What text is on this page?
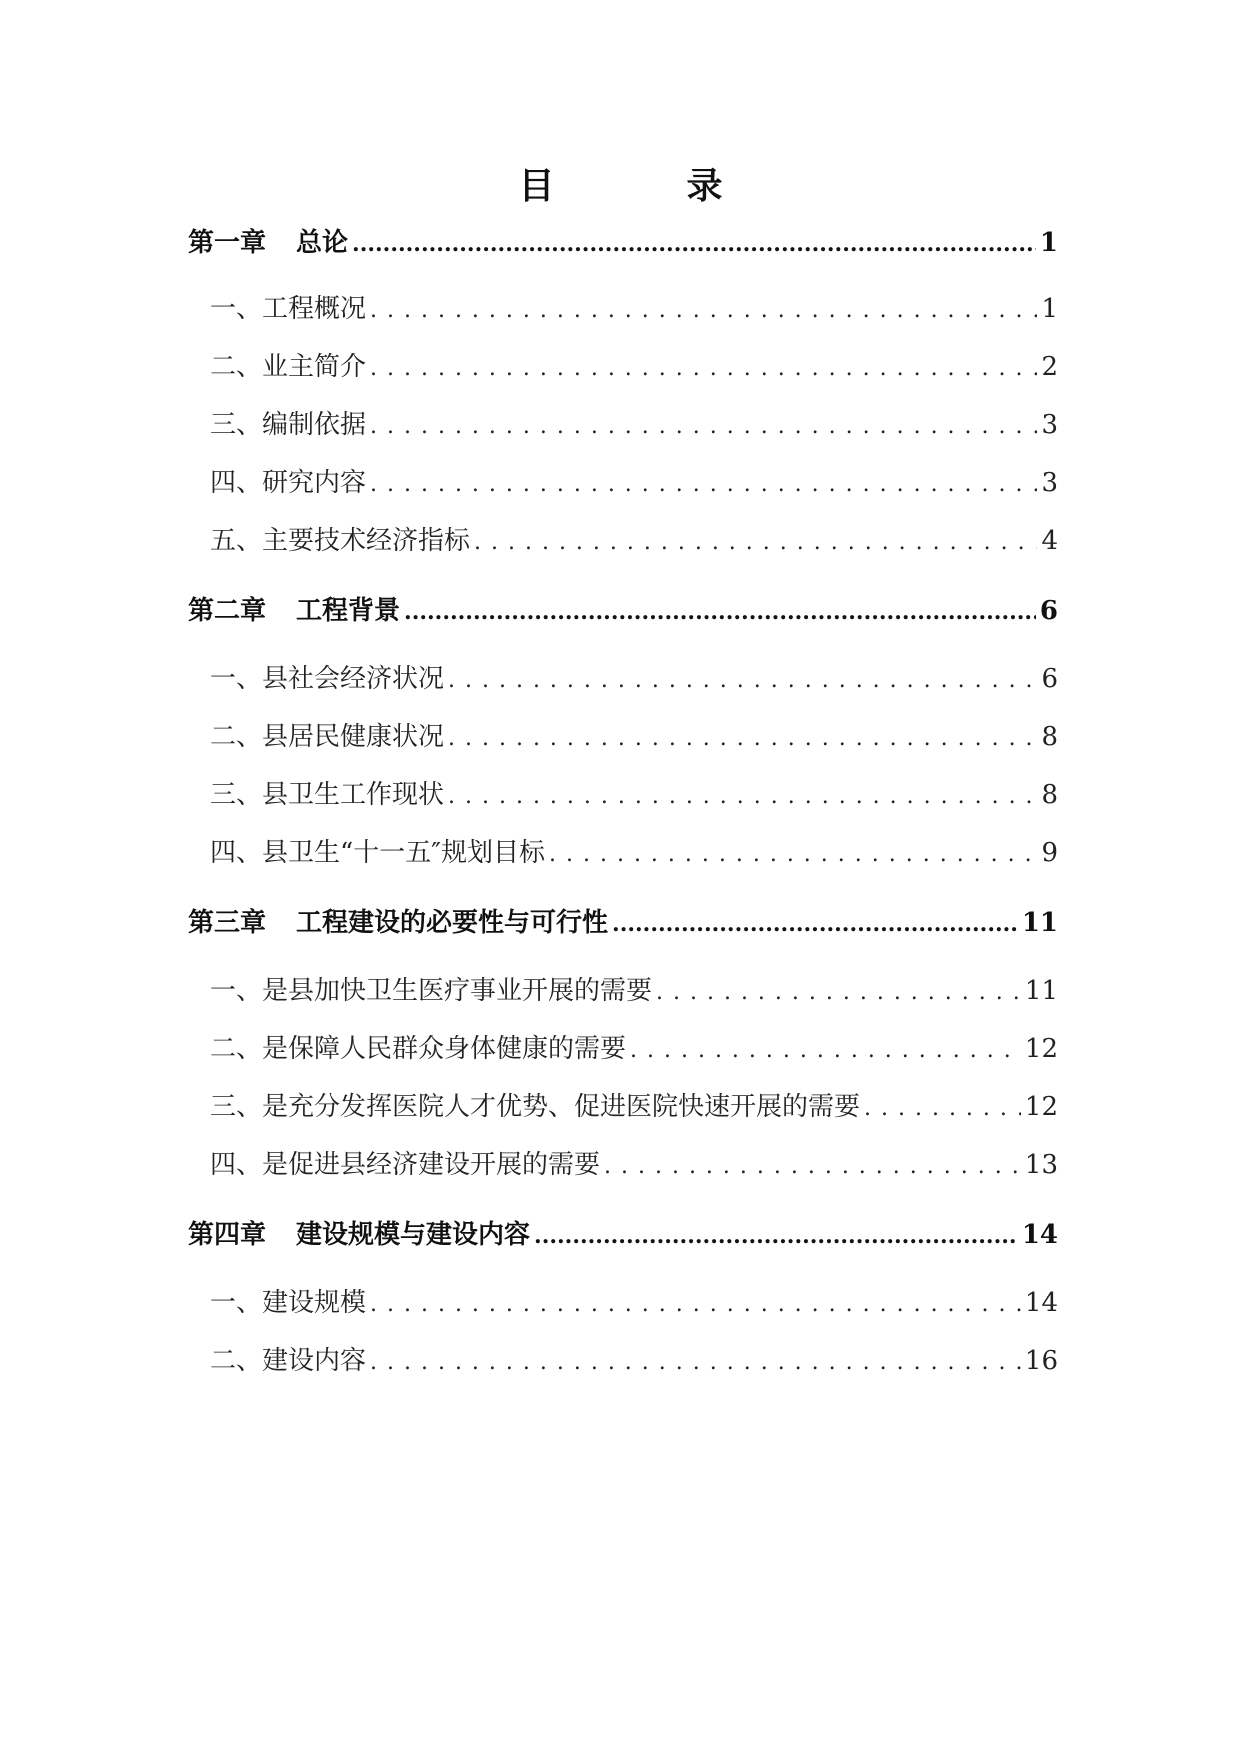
目　录
第一章 总论 .....	1
一、工程概况 . . .	1
二、业主简介 . . .	2
三、编制依据 . . .	3
四、研究内容 . . .	3
五、主要技术经济指标 . . .	4
第二章 工程背景 .....	6
一、县社会经济状况 . . .	6
二、县居民健康状况 . . .	8
三、县卫生工作现状 . . .	8
四、县卫生“十一五″规划目标 . . .	9
第三章 工程建设的必要性与可行性 .....	11
一、是县加快卫生医疗事业开展的需要 . . .	11
二、是保障人民群众身体健康的需要 . . .	12
三、是充分发挥医院人才优势、促进医院快速开展的需要 . . .	12
四、是促进县经济建设开展的需要 . . .	13
第四章 建设规模与建设内容 .....	14
一、建设规模 . . .	14
二、建设内容 . . .	16
